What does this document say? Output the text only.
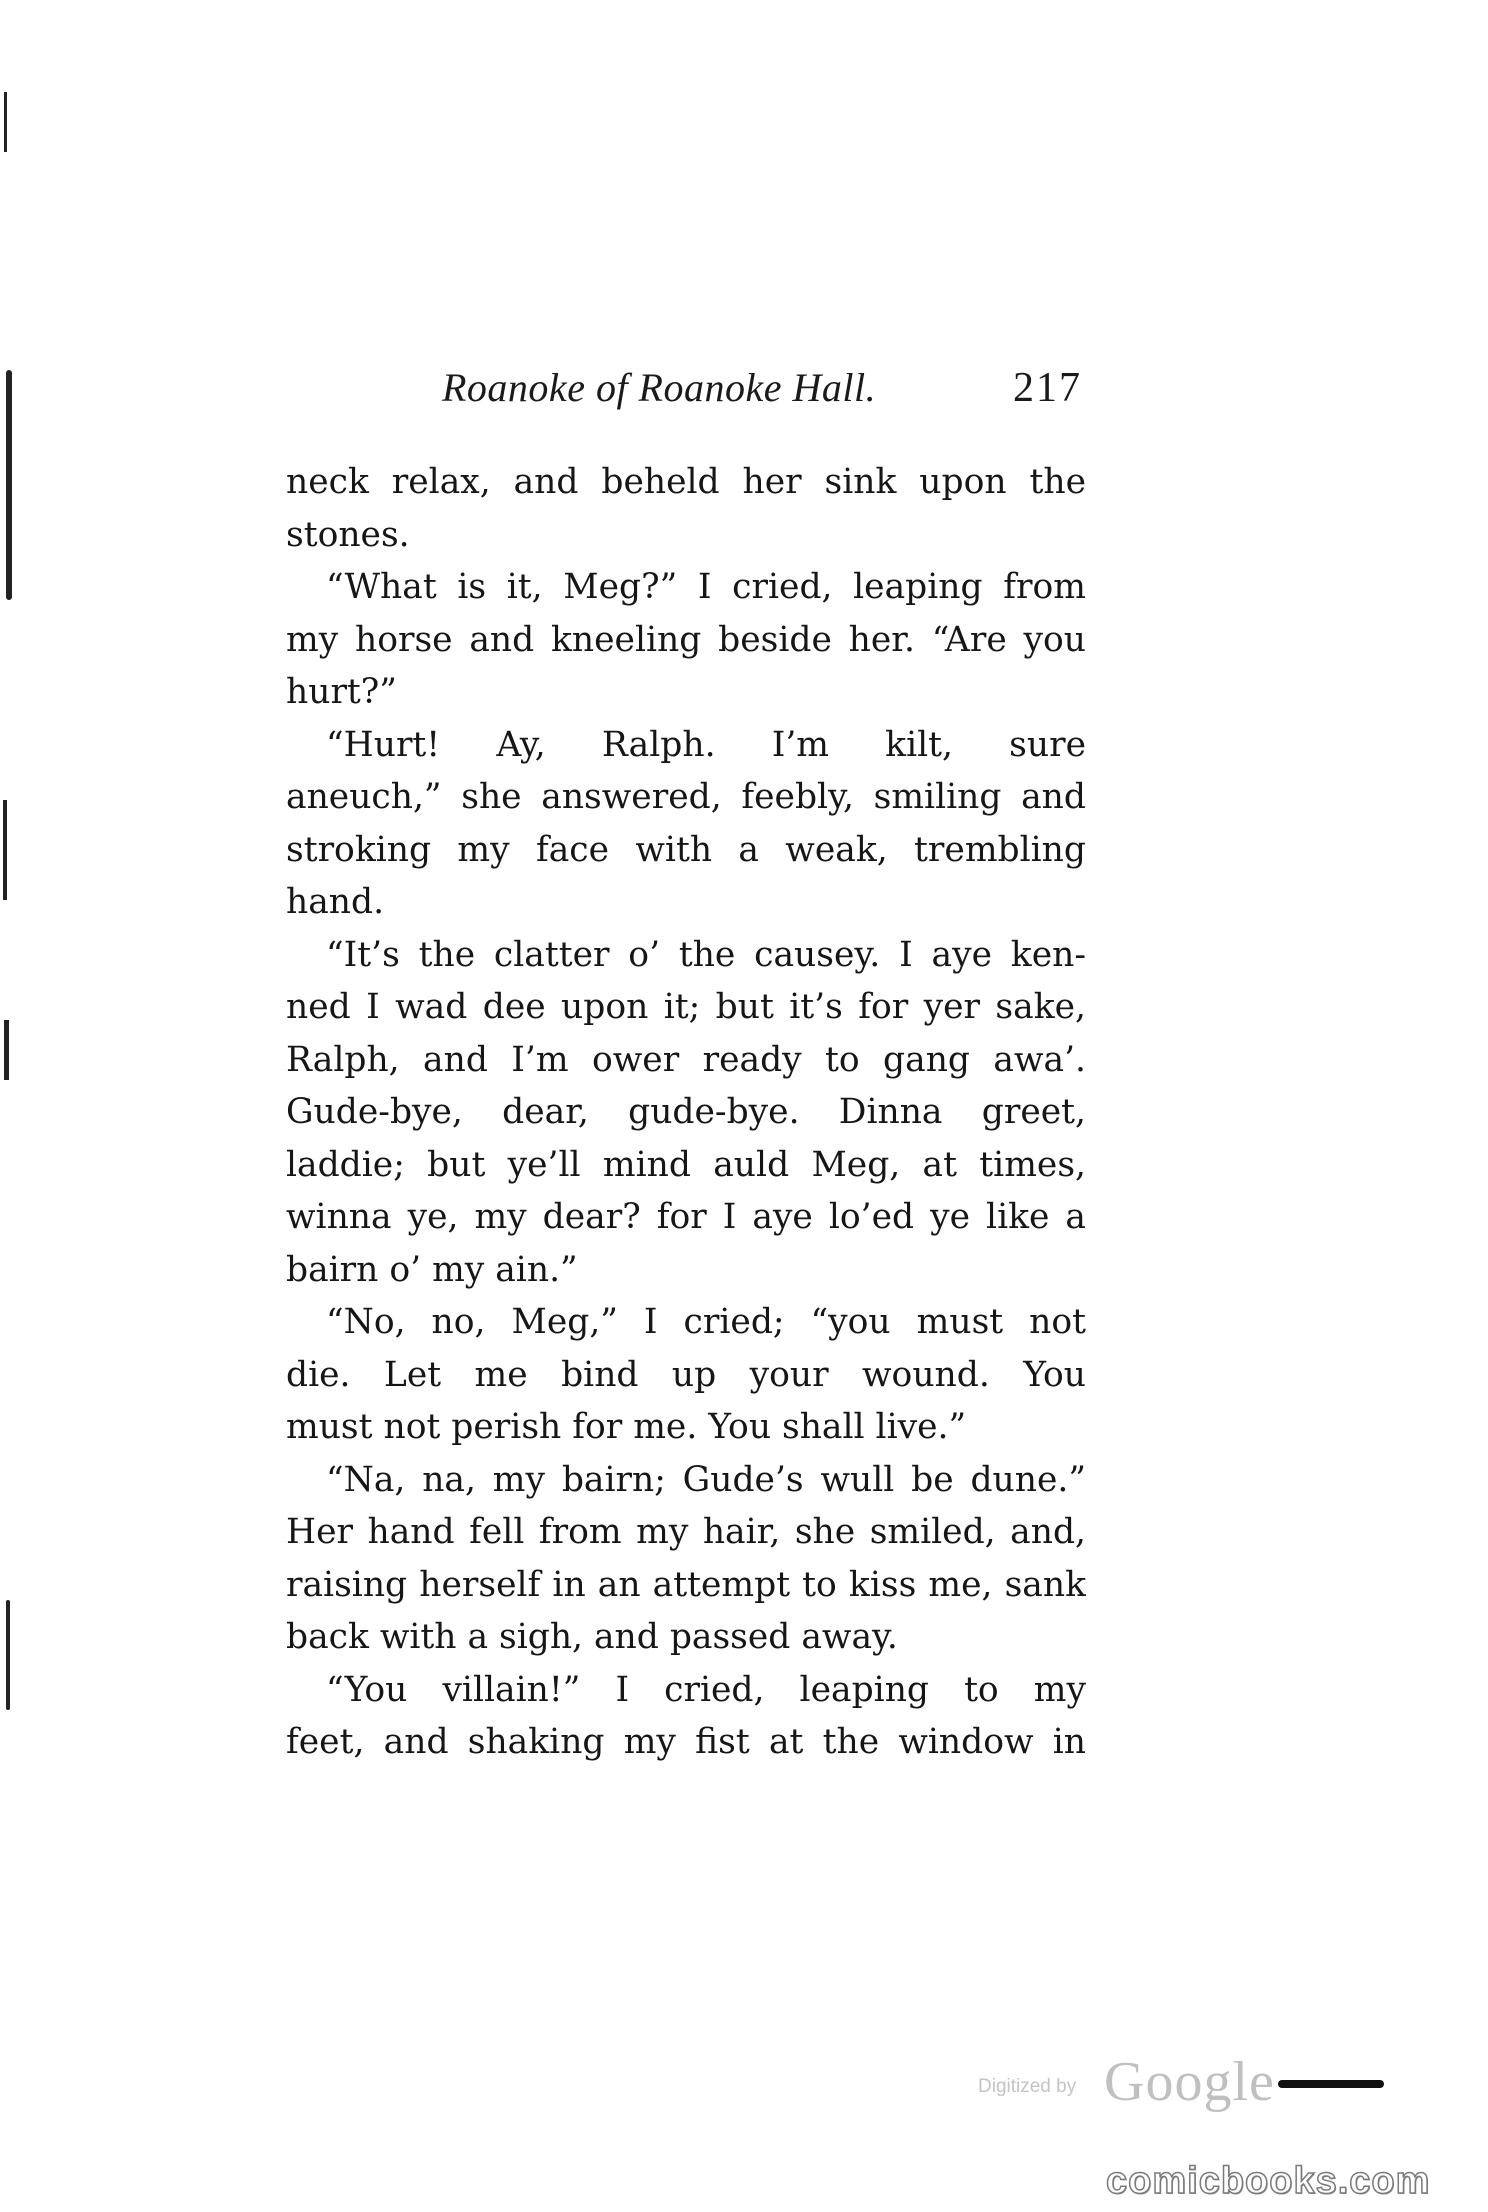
Roanoke of Roanoke Hall.	217
neck relax, and beheld her sink upon the
stones.
“What is it, Meg?” I cried, leaping from
my horse and kneeling beside her. “Are you
hurt?”
“Hurt! Ay, Ralph. I’m kilt, sure
aneuch,” she answered, feebly, smiling and
stroking my face with a weak, trembling
hand.
“It’s the clatter o’ the causey. I aye ken-
ned I wad dee upon it; but it’s for yer sake,
Ralph, and I’m ower ready to gang awa’.
Gude-bye, dear, gude-bye. Dinna greet,
laddie; but ye’ll mind auld Meg, at times,
winna ye, my dear? for I aye lo’ed ye like a
bairn o’ my ain.”
“No, no, Meg,” I cried; “you must not
die. Let me bind up your wound. You
must not perish for me. You shall live.”
“Na, na, my bairn; Gude’s wull be dune.”
Her hand fell from my hair, she smiled, and,
raising herself in an attempt to kiss me, sank
back with a sigh, and passed away.
“You villain!” I cried, leaping to my
feet, and shaking my fist at the window in
Digitized by Google
comicbooks.com
